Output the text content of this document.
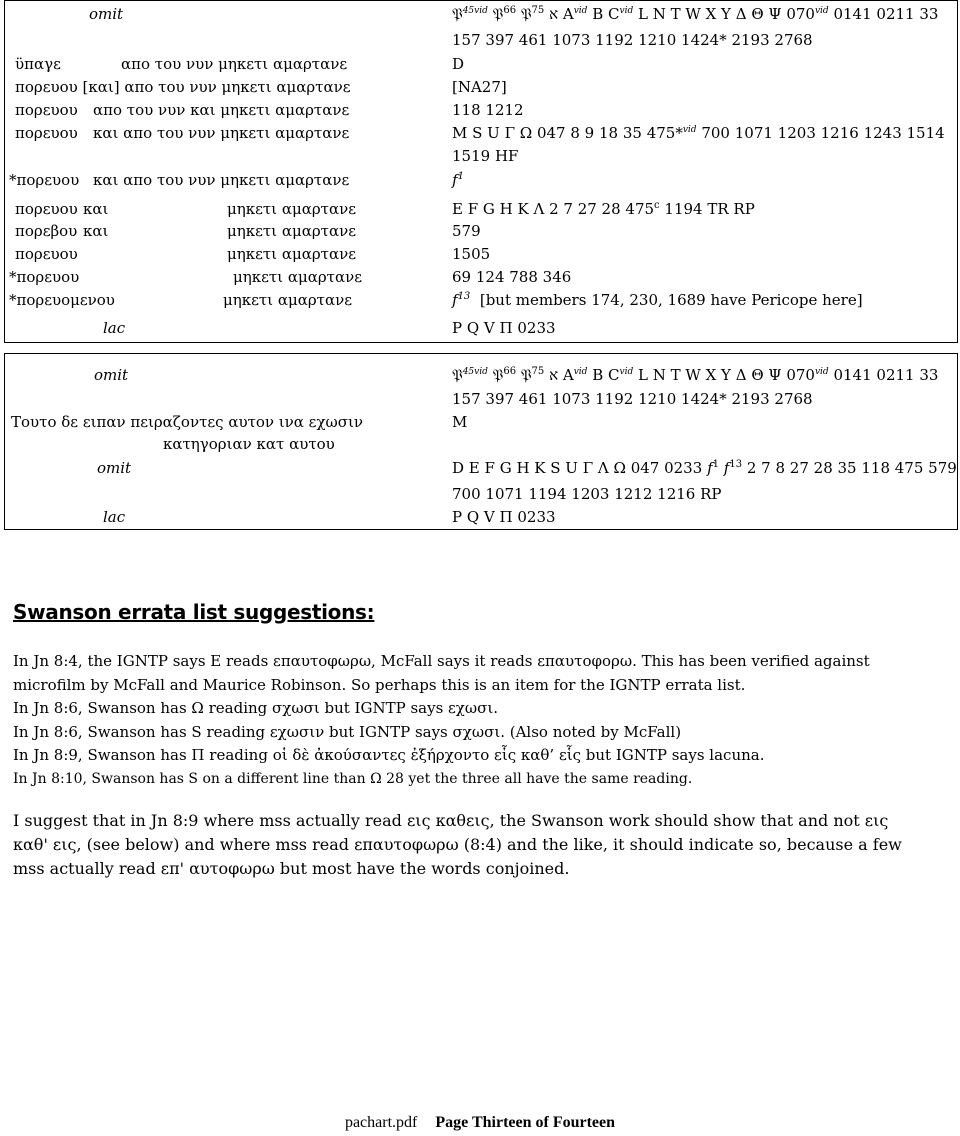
omit	𝔓$^{45vid}$ 𝔓$^{66}$ 𝔓$^{75}$ א $A^{vid}$ B $C^{vid}$ L N T W X Y Δ Θ Ψ $070^{vid}$ 0141 0211 33
157 397 461 1073 1192 1210 1424* 2193 2768
ϋπαγε	απο του νυν μηκετι αμαρτανε	D
πορευου [και] απο του νυν μηκετι αμαρτανε	[NA27]
πορευου απο του νυν και μηκετι αμαρτανε	118 1212
πορευου και απο του νυν μηκετι αμαρτανε	M S U Γ Ω 047 8 9 18 35 475*$^{vid}$ 700 1071 1203 1216 1243 1514
1519 HF
*πορευου και απο του νυν μηκετι αμαρτανε	$f^1$
πορευου και	μηκετι αμαρτανε	E F G H K Λ 2 7 27 28 475$^c$ 1194 TR RP
πορεβου και	μηκετι αμαρτανε	579
πορευου	μηκετι αμαρτανε	1505
*πορευου	μηκετι αμαρτανε	69 124 788 346
*πορευομενου	μηκετι αμαρτανε	$f^{13}$ [but members 174, 230, 1689 have Pericope here]
lac	P Q V Π 0233
omit	𝔓$^{45vid}$ 𝔓$^{66}$ 𝔓$^{75}$ א $A^{vid}$ B $C^{vid}$ L N T W X Y Δ Θ Ψ $070^{vid}$ 0141 0211 33
157 397 461 1073 1192 1210 1424* 2193 2768
Τουτο δε ειπαν πειραζοντες αυτον ινα εχωσιν	M
κατηγοριαν κατ αυτου
omit	D E F G H K S U Γ Λ Ω 047 0233 $f^1$ $f^{13}$ 2 7 8 27 28 35 118 475 579
700 1071 1194 1203 1212 1216 RP
lac	P Q V Π 0233
Swanson errata list suggestions:

In Jn 8:4, the IGNTP says E reads επαυτοφωρω, McFall says it reads επαυτοφορω. This has been verified against

microfilm by McFall and Maurice Robinson. So perhaps this is an item for the IGNTP errata list.

In Jn 8:6, Swanson has Ω reading σχωσι but IGNTP says εχωσι.

In Jn 8:6, Swanson has S reading εχωσιν but IGNTP says σχωσι. (Also noted by McFall)

In Jn 8:9, Swanson has Π reading οἱ δὲ ἀκούσαντες ἐξήρχοντο εἷς καθ’ εἷς but IGNTP says lacuna.

In Jn 8:10, Swanson has S on a different line than Ω 28 yet the three all have the same reading.

I suggest that in Jn 8:9 where mss actually read εις καθεις, the Swanson work should show that and not εις

καθ' εις, (see below) and where mss read επαυτοφωρω (8:4) and the like, it should indicate so, because a few

mss actually read επ' αυτοφωρω but most have the words conjoined.

pachart.pdf Page Thirteen of Fourteen
